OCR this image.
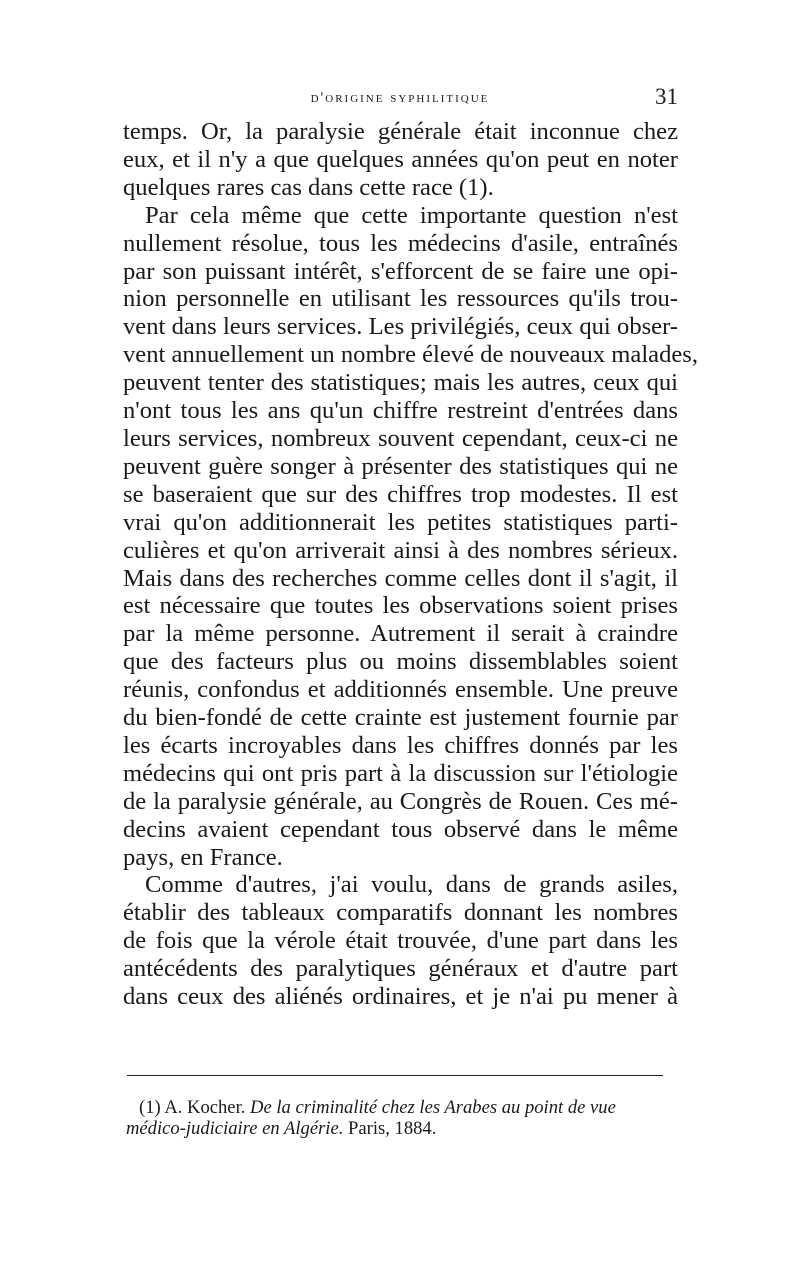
d'origine syphilitique	31
temps. Or, la paralysie générale était inconnue chez
eux, et il n'y a que quelques années qu'on peut en noter
quelques rares cas dans cette race (1).
Par cela même que cette importante question n'est
nullement résolue, tous les médecins d'asile, entraînés
par son puissant intérêt, s'efforcent de se faire une opi-
nion personnelle en utilisant les ressources qu'ils trou-
vent dans leurs services. Les privilégiés, ceux qui obser-
vent annuellement un nombre élevé de nouveaux malades,
peuvent tenter des statistiques; mais les autres, ceux qui
n'ont tous les ans qu'un chiffre restreint d'entrées dans
leurs services, nombreux souvent cependant, ceux-ci ne
peuvent guère songer à présenter des statistiques qui ne
se baseraient que sur des chiffres trop modestes. Il est
vrai qu'on additionnerait les petites statistiques parti-
culières et qu'on arriverait ainsi à des nombres sérieux.
Mais dans des recherches comme celles dont il s'agit, il
est nécessaire que toutes les observations soient prises
par la même personne. Autrement il serait à craindre
que des facteurs plus ou moins dissemblables soient
réunis, confondus et additionnés ensemble. Une preuve
du bien-fondé de cette crainte est justement fournie par
les écarts incroyables dans les chiffres donnés par les
médecins qui ont pris part à la discussion sur l'étiologie
de la paralysie générale, au Congrès de Rouen. Ces mé-
decins avaient cependant tous observé dans le même
pays, en France.
Comme d'autres, j'ai voulu, dans de grands asiles,
établir des tableaux comparatifs donnant les nombres
de fois que la vérole était trouvée, d'une part dans les
antécédents des paralytiques généraux et d'autre part
dans ceux des aliénés ordinaires, et je n'ai pu mener à
(1) A. Kocher. De la criminalité chez les Arabes au point de vue
médico-judiciaire en Algérie. Paris, 1884.
